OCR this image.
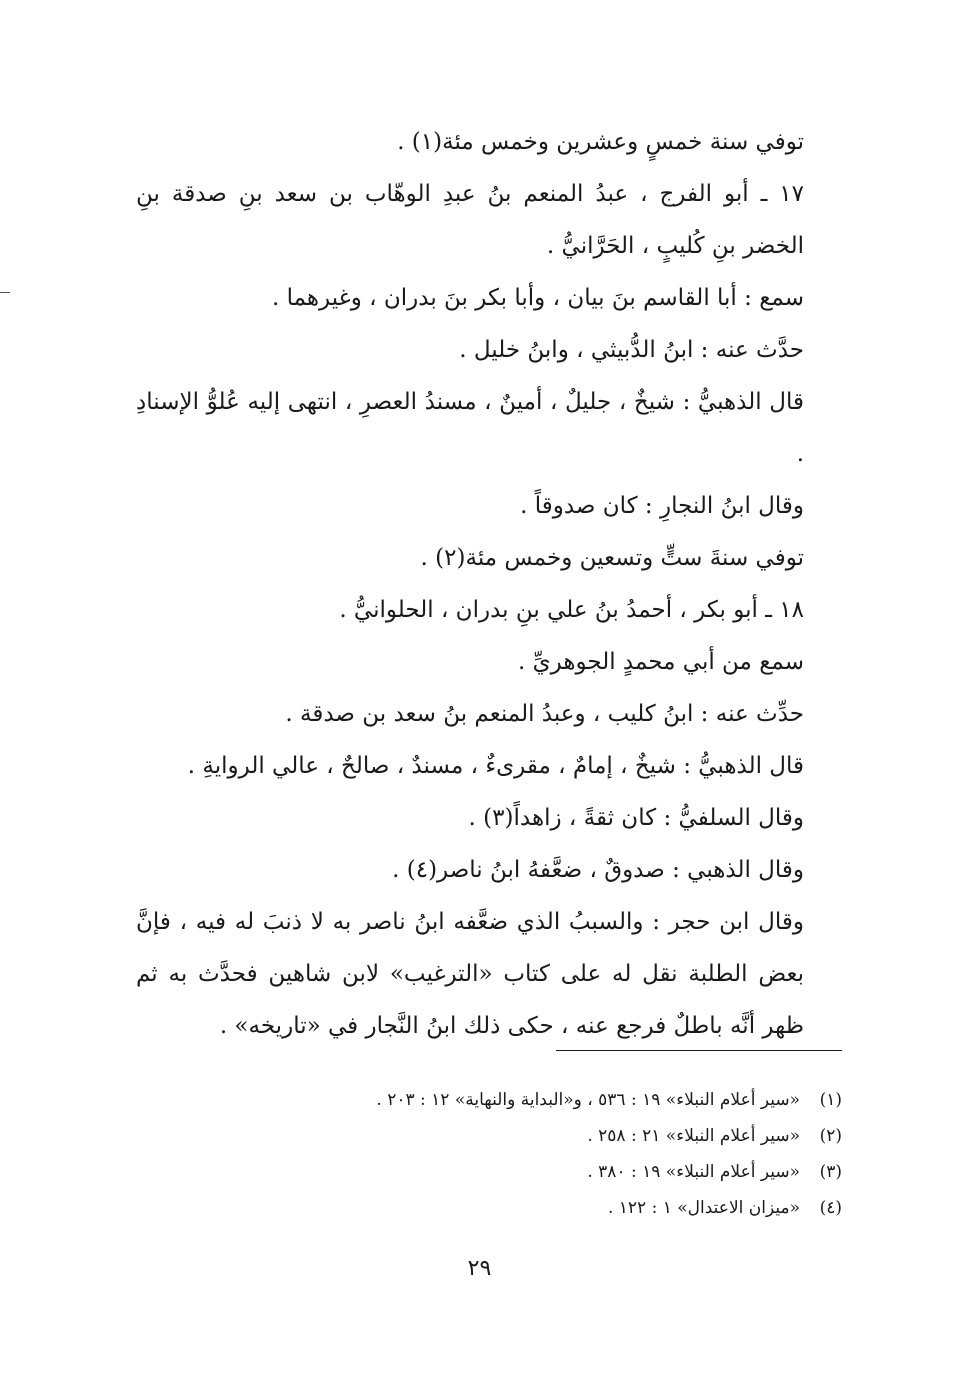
توفي سنة خمسٍ وعشرين وخمس مئة(١) .

١٧ ـ أبو الفرج ، عبدُ المنعم بنُ عبدِ الوهّاب بن سعد بنِ صدقة بنِ الخضر بنِ كُليبٍ ، الحَرَّانيُّ .

سمع : أبا القاسم بنَ بيان ، وأبا بكر بنَ بدران ، وغيرهما .

حدَّث عنه : ابنُ الدُّبيثي ، وابنُ خليل .

قال الذهبيُّ : شيخٌ ، جليلٌ ، أمينٌ ، مسندُ العصرِ ، انتهى إليه عُلوُّ الإسنادِ .

وقال ابنُ النجارِ : كان صدوقاً .

توفي سنةَ ستٍّ وتسعين وخمس مئة(٢) .

١٨ ـ أبو بكر ، أحمدُ بنُ علي بنِ بدران ، الحلوانيُّ .

سمع من أبي محمدٍ الجوهريِّ .

حدِّث عنه : ابنُ كليب ، وعبدُ المنعم بنُ سعد بن صدقة .

قال الذهبيُّ : شيخٌ ، إمامٌ ، مقرىءٌ ، مسندٌ ، صالحٌ ، عالي الروايةِ .

وقال السلفيُّ : كان ثقةً ، زاهداً(٣) .

وقال الذهبي : صدوقٌ ، ضعَّفهُ ابنُ ناصر(٤) .

وقال ابن حجر : والسببُ الذي ضعَّفه ابنُ ناصر به لا ذنبَ له فيه ، فإنَّ بعض الطلبة نقل له على كتاب «الترغيب» لابن شاهين فحدَّث به ثم ظهر أنَّه باطلٌ فرجع عنه ، حكى ذلك ابنُ النَّجار في «تاريخه» .

(١)
«سير أعلام النبلاء» ١٩ : ٥٣٦ ، و«البداية والنهاية» ١٢ : ٢٠٣ .
(٢)
«سير أعلام النبلاء» ٢١ : ٢٥٨ .
(٣)
«سير أعلام النبلاء» ١٩ : ٣٨٠ .
(٤)
«ميزان الاعتدال» ١ : ١٢٢ .
٢٩
